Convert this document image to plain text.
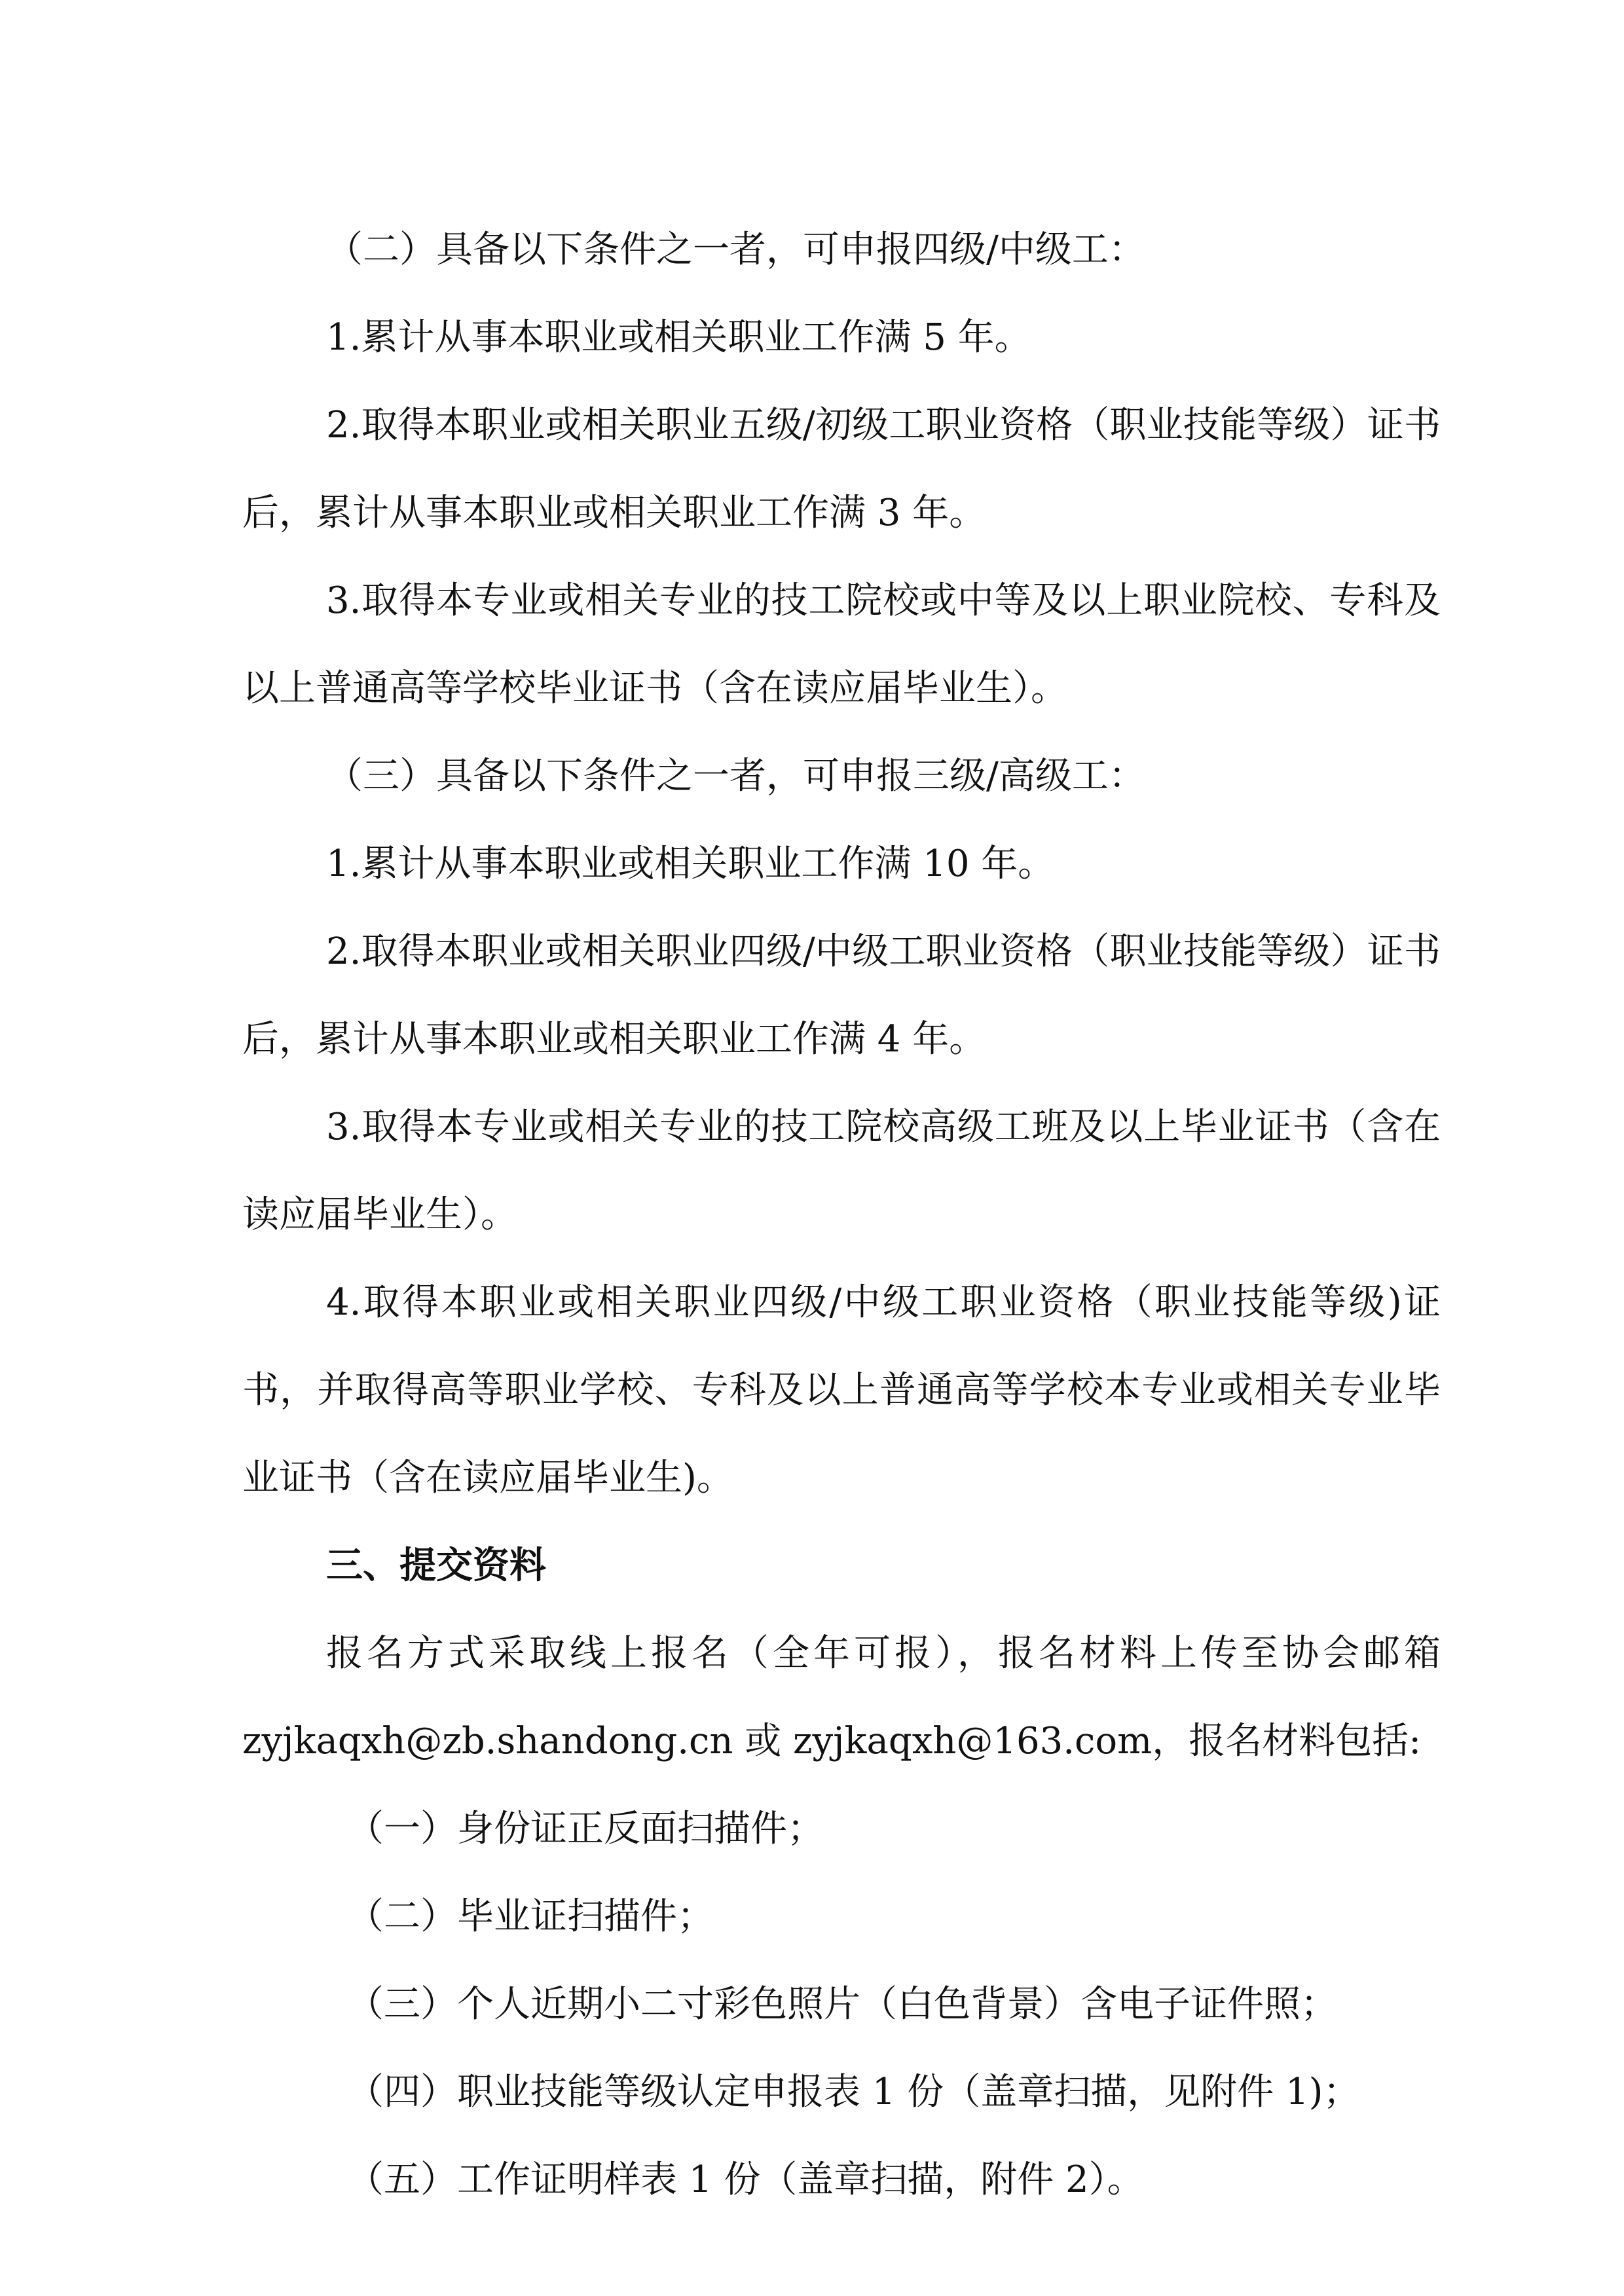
（二）具备以下条件之一者，可申报四级/中级工：
1.累计从事本职业或相关职业工作满 5 年。
2.取得本职业或相关职业五级/初级工职业资格（职业技能等级）证书后，累计从事本职业或相关职业工作满 3 年。
3.取得本专业或相关专业的技工院校或中等及以上职业院校、专科及以上普通高等学校毕业证书（含在读应届毕业生）。
（三）具备以下条件之一者，可申报三级/高级工：
1.累计从事本职业或相关职业工作满 10 年。
2.取得本职业或相关职业四级/中级工职业资格（职业技能等级）证书后，累计从事本职业或相关职业工作满 4 年。
3.取得本专业或相关专业的技工院校高级工班及以上毕业证书（含在读应届毕业生）。
4.取得本职业或相关职业四级/中级工职业资格（职业技能等级)证书，并取得高等职业学校、专科及以上普通高等学校本专业或相关专业毕业证书（含在读应届毕业生)。
三、提交资料
报名方式采取线上报名（全年可报），报名材料上传至协会邮箱 zyjkaqxh@zb.shandong.cn 或 zyjkaqxh@163.com，报名材料包括:
（一）身份证正反面扫描件；
（二）毕业证扫描件；
（三）个人近期小二寸彩色照片（白色背景）含电子证件照；
（四）职业技能等级认定申报表 1 份（盖章扫描，见附件 1)；
（五）工作证明样表 1 份（盖章扫描，附件 2）。
